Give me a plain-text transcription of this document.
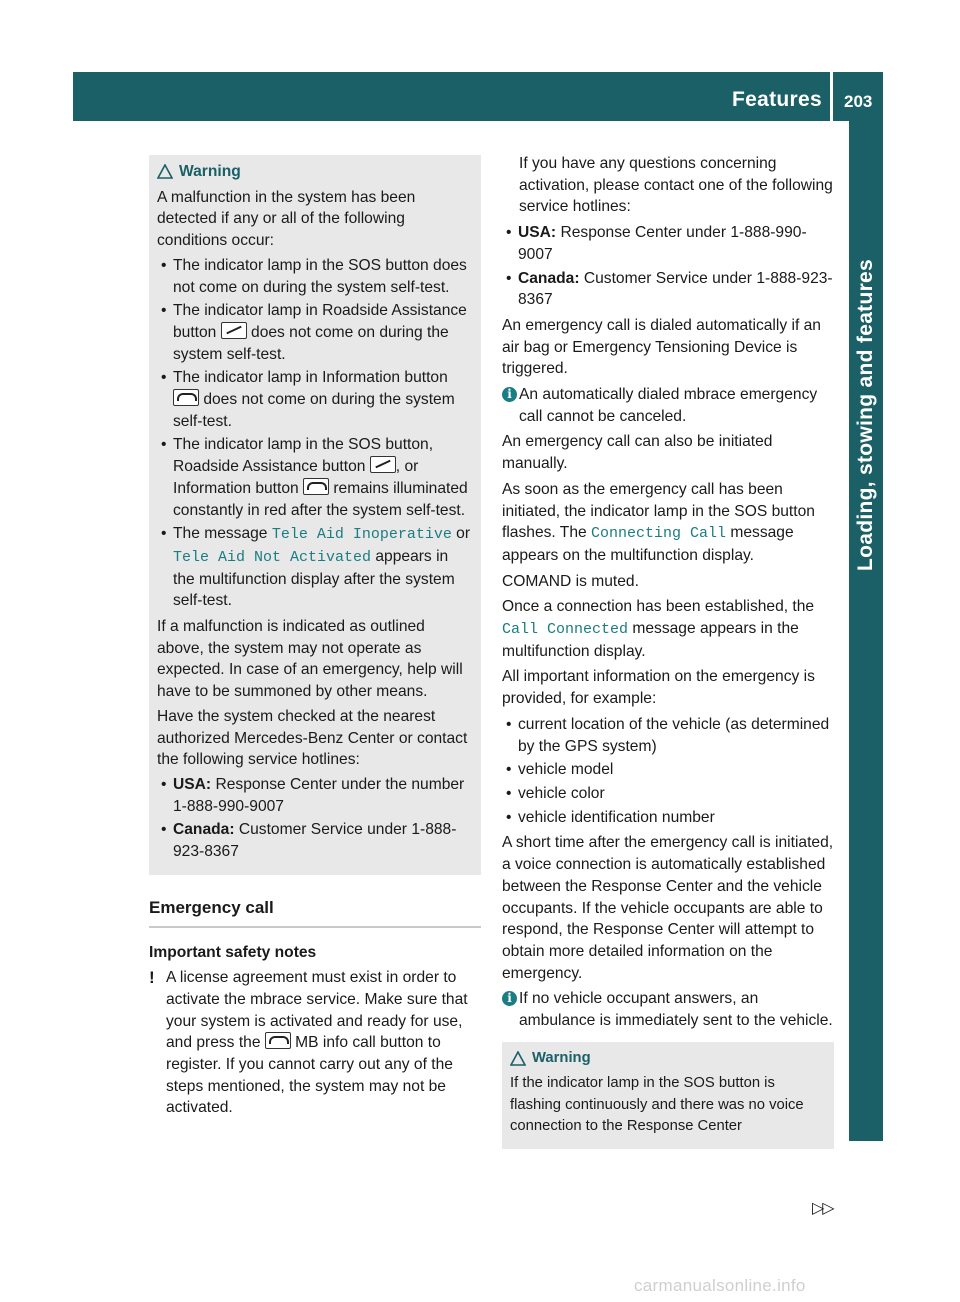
Features 203
Loading, stowing and features
Warning

A malfunction in the system has been detected if any or all of the following conditions occur:

• The indicator lamp in the SOS button does not come on during the system self-test.
• The indicator lamp in Roadside Assistance button  does not come on during the system self-test.
• The indicator lamp in Information button  does not come on during the system self-test.
• The indicator lamp in the SOS button, Roadside Assistance button , or Information button  remains illuminated constantly in red after the system self-test.
• The message Tele Aid Inoperative or Tele Aid Not Activated appears in the multifunction display after the system self-test.

If a malfunction is indicated as outlined above, the system may not operate as expected. In case of an emergency, help will have to be summoned by other means.

Have the system checked at the nearest authorized Mercedes-Benz Center or contact the following service hotlines:

• USA: Response Center under the number 1-888-990-9007
• Canada: Customer Service under 1-888-923-8367
Emergency call
Important safety notes

! A license agreement must exist in order to activate the mbrace service. Make sure that your system is activated and ready for use, and press the  MB info call button to register. If you cannot carry out any of the steps mentioned, the system may not be activated.

If you have any questions concerning activation, please contact one of the following service hotlines:

• USA: Response Center under 1-888-990-9007
• Canada: Customer Service under 1-888-923-8367

An emergency call is dialed automatically if an air bag or Emergency Tensioning Device is triggered.

i An automatically dialed mbrace emergency call cannot be canceled.

An emergency call can also be initiated manually.

As soon as the emergency call has been initiated, the indicator lamp in the SOS button flashes. The Connecting Call message appears on the multifunction display.

COMAND is muted.

Once a connection has been established, the Call Connected message appears in the multifunction display.

All important information on the emergency is provided, for example:

• current location of the vehicle (as determined by the GPS system)
• vehicle model
• vehicle color
• vehicle identification number

A short time after the emergency call is initiated, a voice connection is automatically established between the Response Center and the vehicle occupants. If the vehicle occupants are able to respond, the Response Center will attempt to obtain more detailed information on the emergency.

i If no vehicle occupant answers, an ambulance is immediately sent to the vehicle.

Warning

If the indicator lamp in the SOS button is flashing continuously and there was no voice connection to the Response Center

▷▷
carmanualsonline.info
